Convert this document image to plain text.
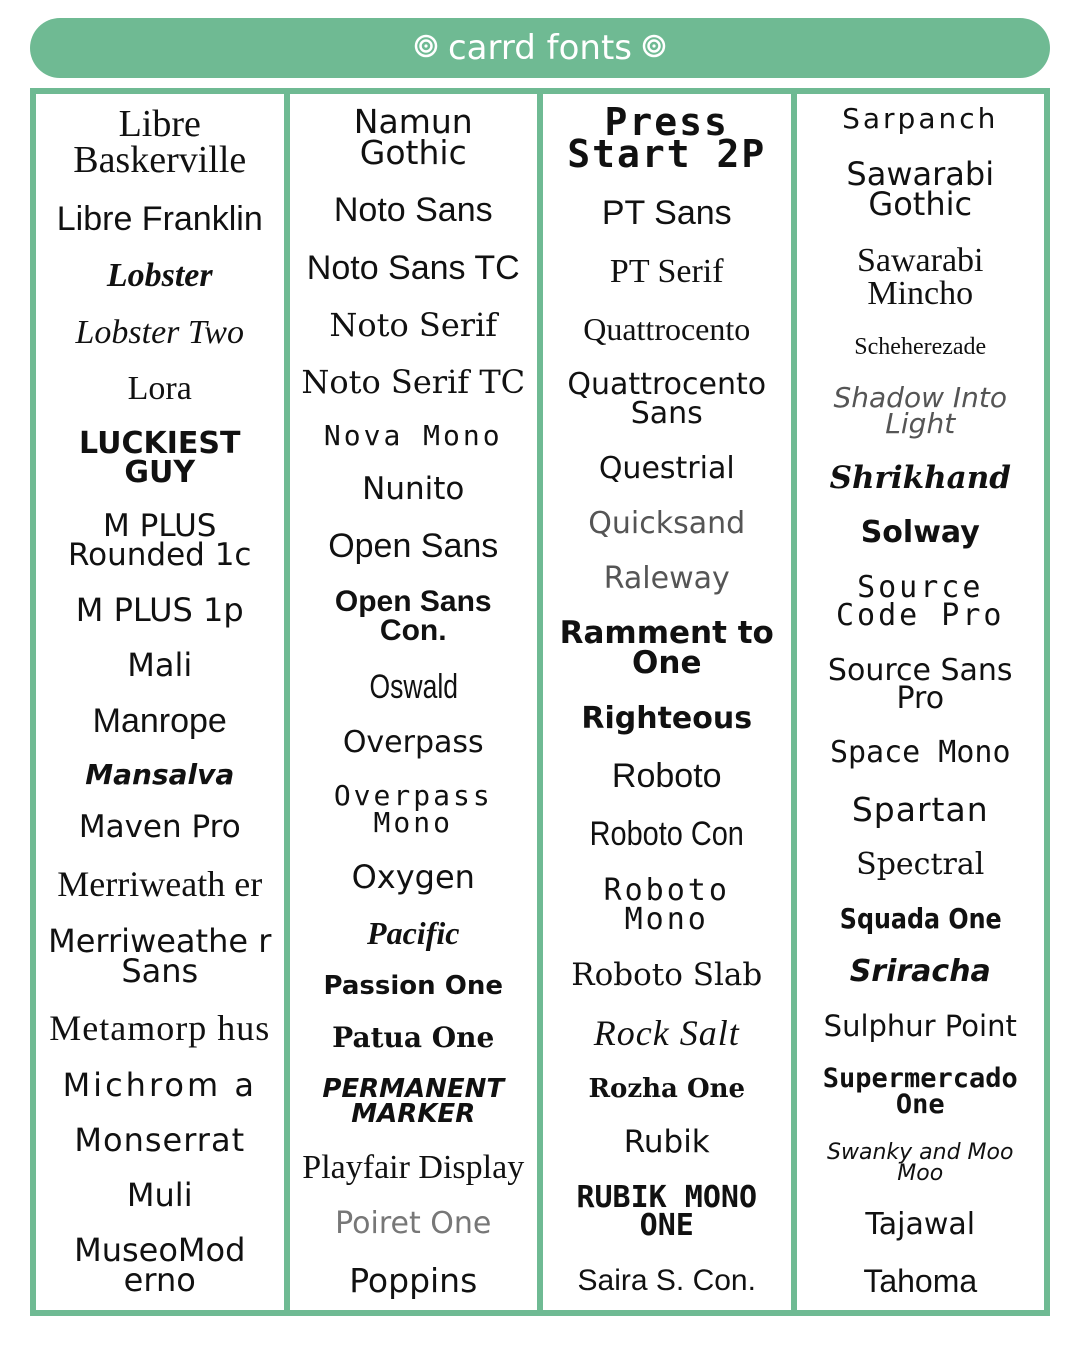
carrd fonts
Libre Baskerville
Libre Franklin
Lobster
Lobster Two
Lora
LUCKIEST GUY
M PLUS Rounded 1c
M PLUS 1p
Mali
Manrope
Mansalva
Maven Pro
Merriweath er
Merriweathe r Sans
Metamorp hus
Michrom a
Monserrat
Muli
MuseoMod erno
Namun Gothic
Noto Sans
Noto Sans TC
Noto Serif
Noto Serif TC
Nova Mono
Nunito
Open Sans
Open Sans Con.
Oswald
Overpass
Overpass Mono
Oxygen
Pacific
Passion One
Patua One
PERMANENT MARKER
Playfair Display
Poiret One
Poppins
Press Start 2P
PT Sans
PT Serif
Quattrocento
Quattrocento Sans
Questrial
Quicksand
Raleway
Ramment to One
Righteous
Roboto
Roboto Con
Roboto Mono
Roboto Slab
Rock Salt
Rozha One
Rubik
RUBIK MONO ONE
Saira S. Con.
Sarpanch
Sawarabi Gothic
Sawarabi Mincho
Scheherezade
Shadow Into Light
Shrikhand
Solway
Source Code Pro
Source Sans Pro
Space Mono
Spartan
Spectral
Squada One
Sriracha
Sulphur Point
Supermercado One
Swanky and Moo Moo
Tajawal
Tahoma
